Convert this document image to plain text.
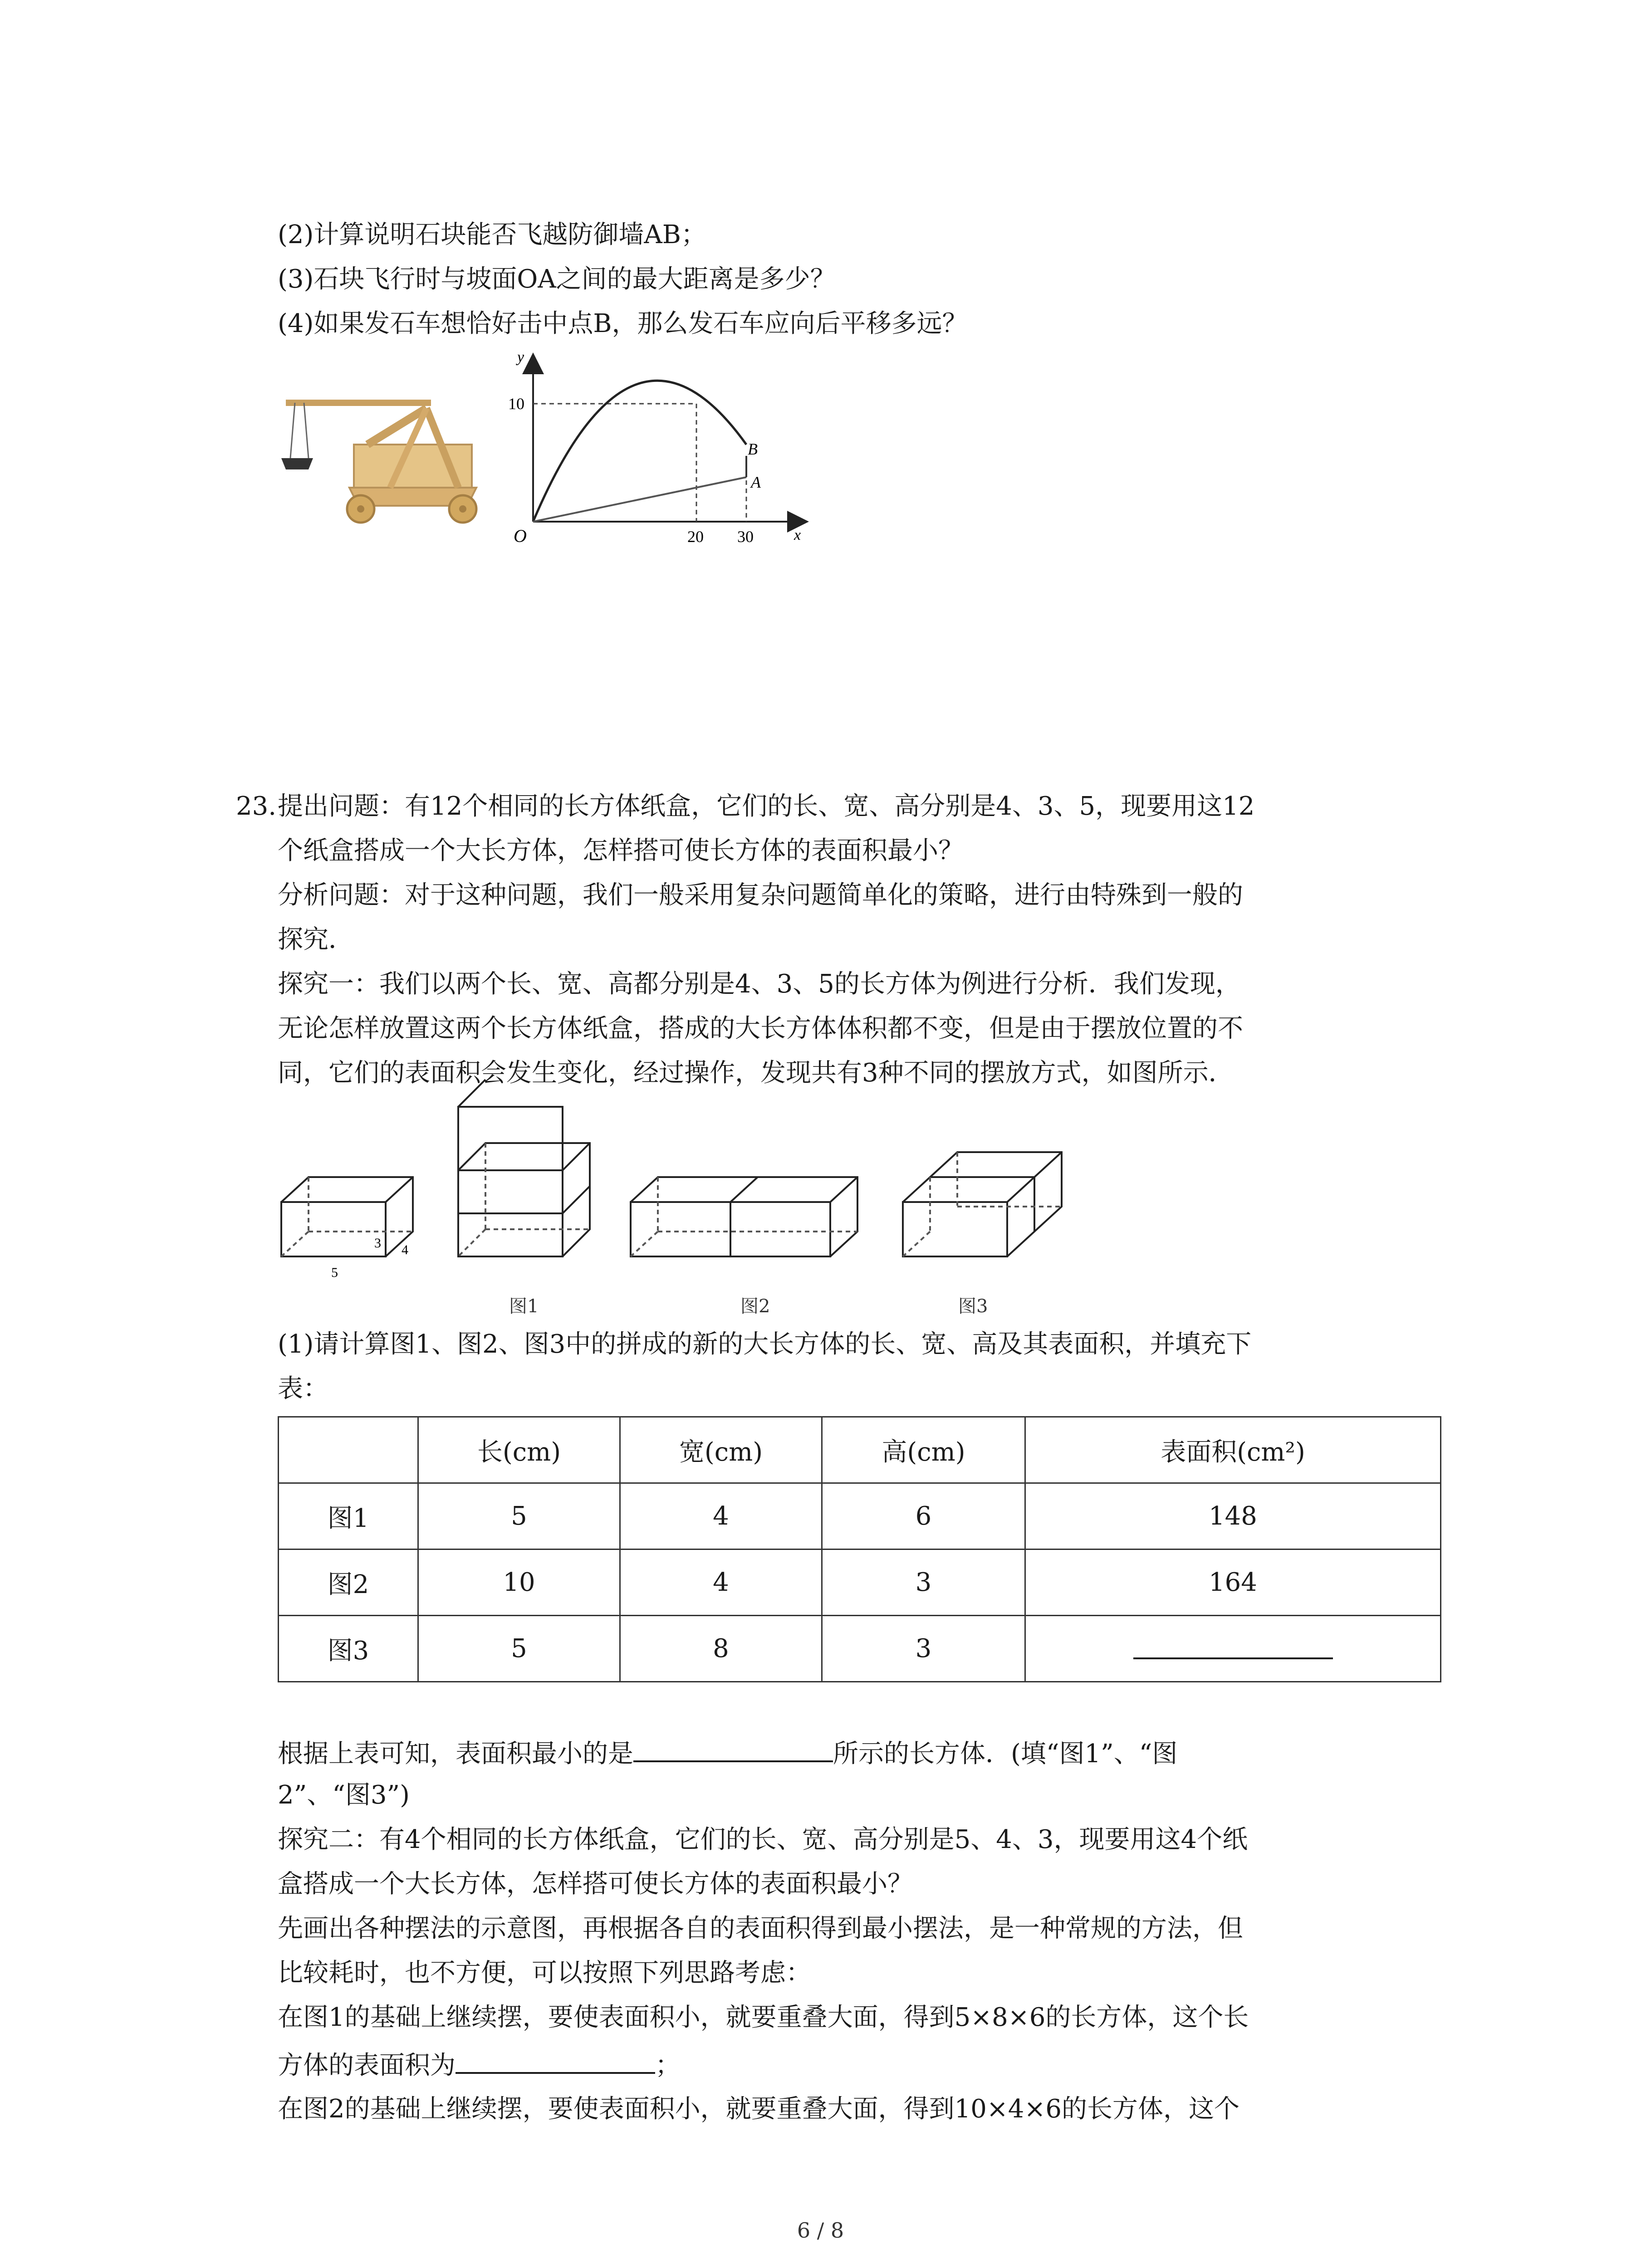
(2)计算说明石块能否飞越防御墙AB；
(3)石块飞行时与坡面OA之间的最大距离是多少？
(4)如果发石车想恰好击中点B，那么发石车应向后平移多远？
y
x
O
10
20 30
B
A
23. 提出问题：有12个相同的长方体纸盒，它们的长、宽、高分别是4、3、5，现要用这12
个纸盒搭成一个大长方体，怎样搭可使长方体的表面积最小？
分析问题：对于这种问题，我们一般采用复杂问题简单化的策略，进行由特殊到一般的
探究．
探究一：我们以两个长、宽、高都分别是4、3、5的长方体为例进行分析．我们发现，
无论怎样放置这两个长方体纸盒，搭成的大长方体体积都不变，但是由于摆放位置的不
同，它们的表面积会发生变化，经过操作，发现共有3种不同的摆放方式，如图所示．
3 4
5
图1	图2	图3
(1)请计算图1、图2、图3中的拼成的新的大长方体的长、宽、高及其表面积，并填充下
表：
	长(cm)	宽(cm)	高(cm)	表面积(cm²)
图1	5	4	6	148
图2	10	4	3	164
图3	5	8	3	
根据上表可知，表面积最小的是	所示的长方体．(填“图1”、“图
2”、“图3”)
探究二：有4个相同的长方体纸盒，它们的长、宽、高分别是5、4、3，现要用这4个纸
盒搭成一个大长方体，怎样搭可使长方体的表面积最小？
先画出各种摆法的示意图，再根据各自的表面积得到最小摆法，是一种常规的方法，但
比较耗时，也不方便，可以按照下列思路考虑：
在图1的基础上继续摆，要使表面积小，就要重叠大面，得到5×8×6的长方体，这个长
方体的表面积为	；
在图2的基础上继续摆，要使表面积小，就要重叠大面，得到10×4×6的长方体，这个
6 / 8
